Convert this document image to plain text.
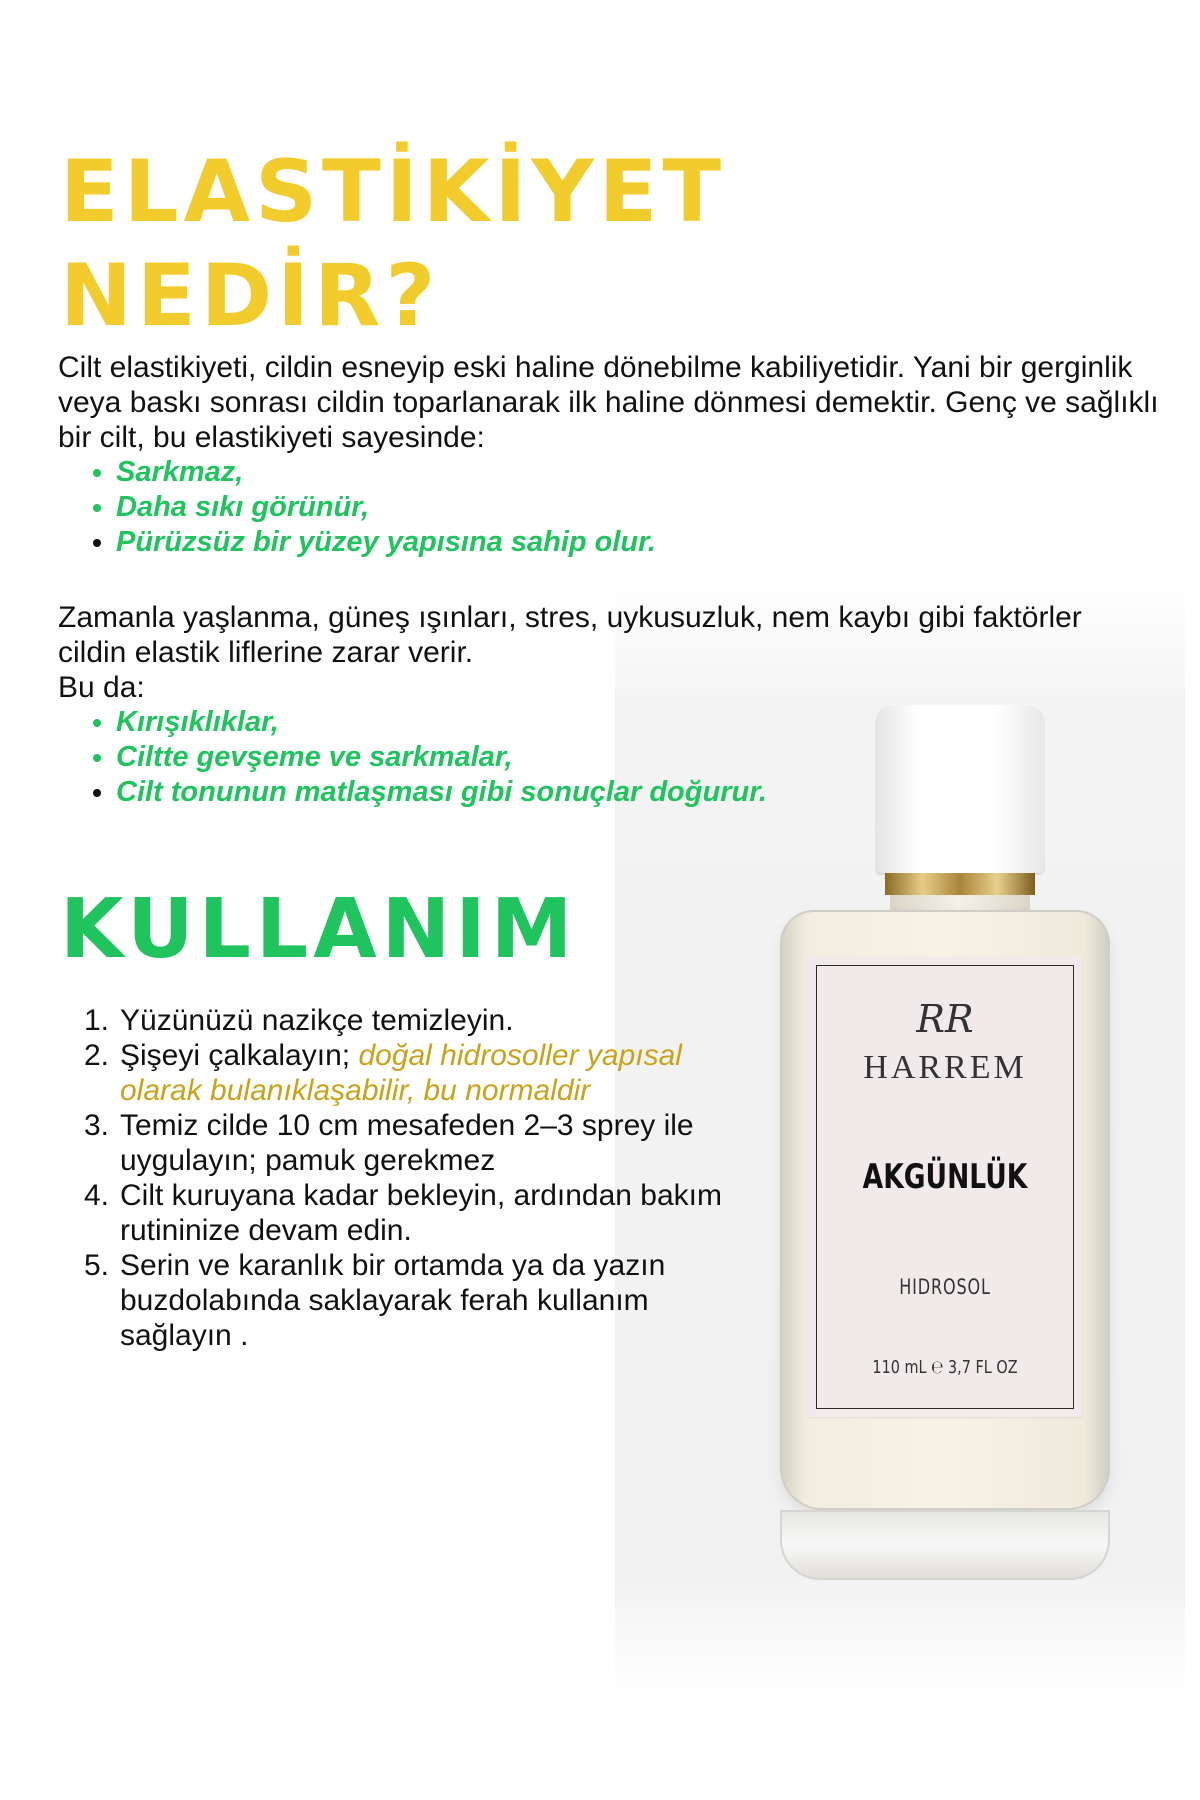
ELASTİKİYET
NEDİR?

Cilt elastikiyeti, cildin esneyip eski haline dönebilme kabiliyetidir. Yani bir gerginlik veya baskı sonrası cildin toparlanarak ilk haline dönmesi demektir. Genç ve sağlıklı bir cilt, bu elastikiyeti sayesinde:

• Sarkmaz,
• Daha sıkı görünür,
• Pürüzsüz bir yüzey yapısına sahip olur.
Zamanla yaşlanma, güneş ışınları, stres, uykusuzluk, nem kaybı gibi faktörler cildin elastik liflerine zarar verir.
Bu da:
• Kırışıklıklar,
• Ciltte gevşeme ve sarkmalar,
• Cilt tonunun matlaşması gibi sonuçlar doğurur.
KULLANIM
1. Yüzünüzü nazikçe temizleyin.
2. Şişeyi çalkalayın; doğal hidrosoller yapısal olarak bulanıklaşabilir, bu normaldir
3. Temiz cilde 10 cm mesafeden 2–3 sprey ile uygulayın; pamuk gerekmez
4. Cilt kuruyana kadar bekleyin, ardından bakım rutininize devam edin.
5. Serin ve karanlık bir ortamda ya da yazın buzdolabında saklayarak ferah kullanım sağlayın .
RR
HARREM
AKGÜNLÜK
HIDROSOL
110 mL ℮ 3,7 FL OZ
